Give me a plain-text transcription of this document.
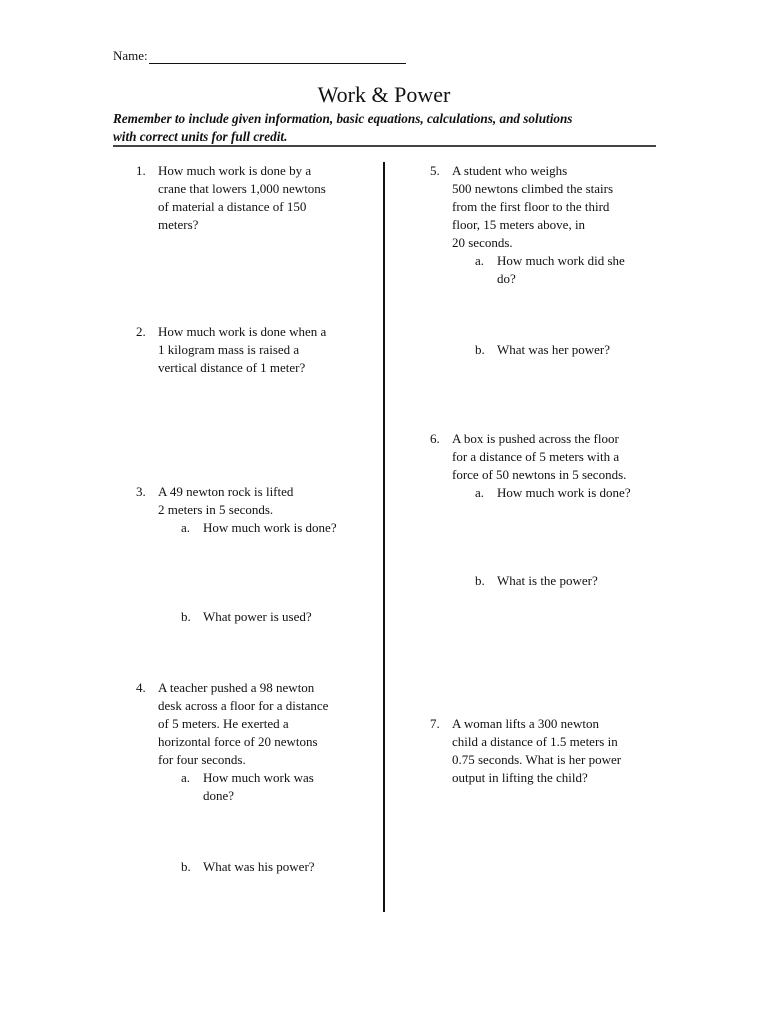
Name:
Work & Power
Remember to include given information, basic equations, calculations, and solutions
with correct units for full credit.
1. How much work is done by a
crane that lowers 1,000 newtons
of material a distance of 150
meters?
2. How much work is done when a
1 kilogram mass is raised a
vertical distance of 1 meter?
3. A 49 newton rock is lifted
2 meters in 5 seconds.
a. How much work is done?
b. What power is used?
4. A teacher pushed a 98 newton
desk across a floor for a distance
of 5 meters. He exerted a
horizontal force of 20 newtons
for four seconds.
a. How much work was
done?
b. What was his power?
5. A student who weighs
500 newtons climbed the stairs
from the first floor to the third
floor, 15 meters above, in
20 seconds.
a. How much work did she
do?
b. What was her power?
6. A box is pushed across the floor
for a distance of 5 meters with a
force of 50 newtons in 5 seconds.
a. How much work is done?
b. What is the power?
7. A woman lifts a 300 newton
child a distance of 1.5 meters in
0.75 seconds. What is her power
output in lifting the child?
